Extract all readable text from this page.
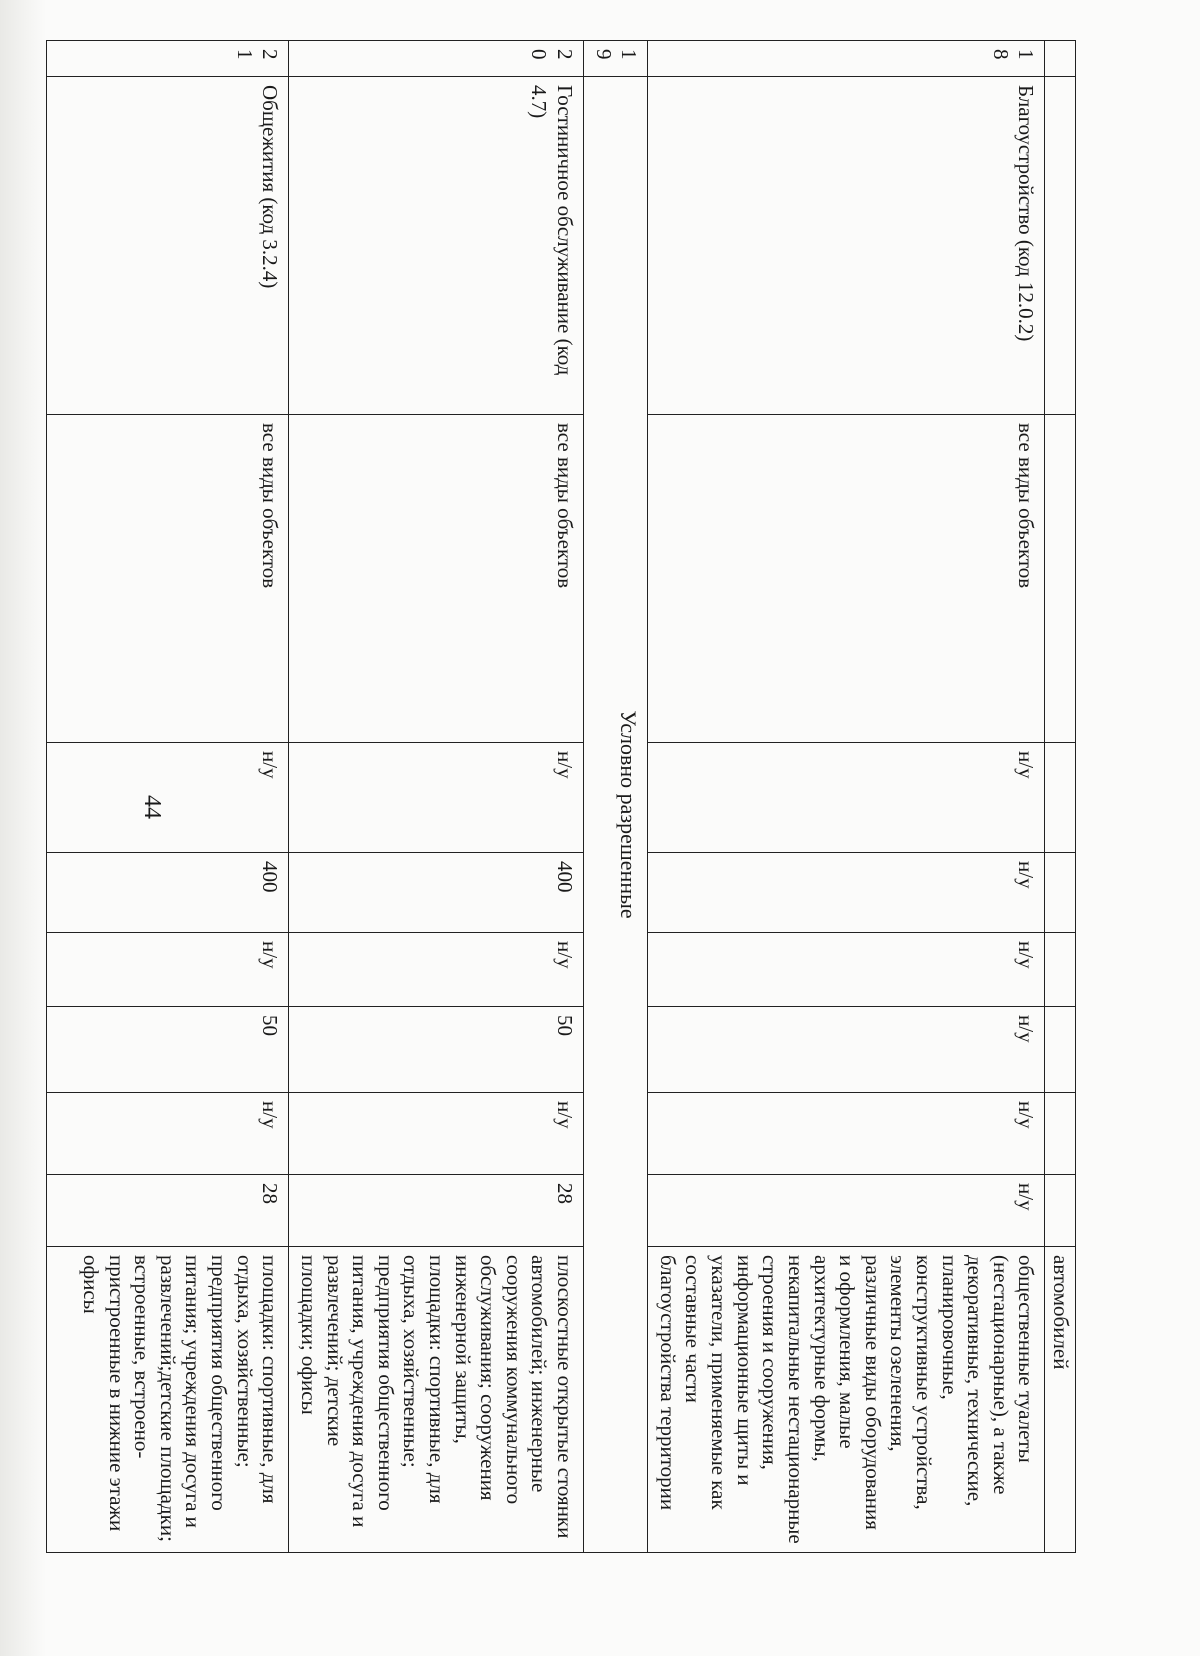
44
									автомобилей
18	Благоустройство (код 12.0.2)	все виды объектов	н/у	н/у	н/у	н/у	н/у	н/у	общественные туалеты (нестационарные), а также декоративные, технические, планировочные, конструктивные устройства, элементы озеленения, различные виды оборудования и оформления, малые архитектурные формы, некапитальные нестационарные строения и сооружения, информационные щиты и указатели, применяемые как составные части благоустройства территории
19	Условно разрешенные								
20	Гостиничное обслуживание (код 4.7)	все виды объектов	н/у	400	н/у	50	н/у	28	плоскостные открытые стоянки автомобилей; инженерные сооружения коммунального обслуживания; сооружения инженерной защиты, площадки: спортивные, для отдыха, хозяйственные; предприятия общественного питания, учреждения досуга и развлечений; детские площадки; офисы
21	Общежития (код 3.2.4)	все виды объектов	н/у	400	н/у	50	н/у	28	площадки: спортивные, для отдыха, хозяйственные; предприятия общественного питания; учреждения досуга и развлечений;детские площадки; встроенные, встроено-пристроенные в нижние этажи офисы
